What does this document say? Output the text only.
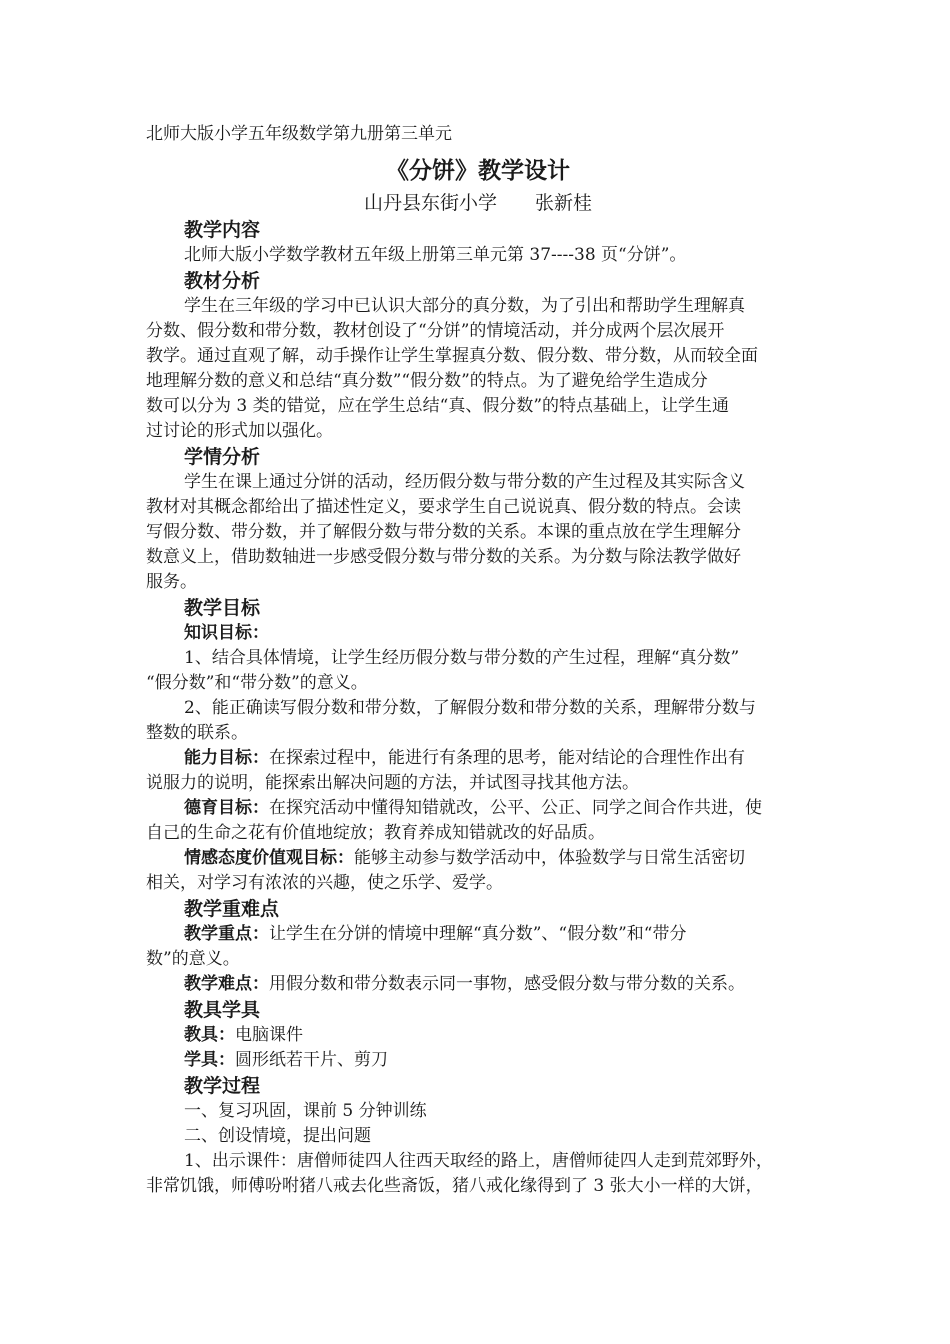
北师大版小学五年级数学第九册第三单元
《分饼》教学设计
山丹县东街小学　　张新桂
教学内容
北师大版小学数学教材五年级上册第三单元第 37----38 页“分饼”。
教材分析
学生在三年级的学习中已认识大部分的真分数，为了引出和帮助学生理解真
分数、假分数和带分数，教材创设了“分饼”的情境活动，并分成两个层次展开
教学。通过直观了解，动手操作让学生掌握真分数、假分数、带分数，从而较全面
地理解分数的意义和总结“真分数”“假分数”的特点。为了避免给学生造成分
数可以分为 3 类的错觉，应在学生总结“真、假分数”的特点基础上，让学生通
过讨论的形式加以强化。
学情分析
学生在课上通过分饼的活动，经历假分数与带分数的产生过程及其实际含义
教材对其概念都给出了描述性定义，要求学生自己说说真、假分数的特点。会读
写假分数、带分数，并了解假分数与带分数的关系。本课的重点放在学生理解分
数意义上，借助数轴进一步感受假分数与带分数的关系。为分数与除法教学做好
服务。
教学目标
知识目标：
1、结合具体情境，让学生经历假分数与带分数的产生过程，理解“真分数”
“假分数”和“带分数”的意义。
2、能正确读写假分数和带分数，了解假分数和带分数的关系，理解带分数与
整数的联系。
能力目标：在探索过程中，能进行有条理的思考，能对结论的合理性作出有
说服力的说明，能探索出解决问题的方法，并试图寻找其他方法。
德育目标：在探究活动中懂得知错就改，公平、公正、同学之间合作共进，使
自己的生命之花有价值地绽放；教育养成知错就改的好品质。
情感态度价值观目标：能够主动参与数学活动中，体验数学与日常生活密切
相关，对学习有浓浓的兴趣，使之乐学、爱学。
教学重难点
教学重点：让学生在分饼的情境中理解“真分数”、“假分数”和“带分
数”的意义。
教学难点：用假分数和带分数表示同一事物，感受假分数与带分数的关系。
教具学具
教具：电脑课件
学具：圆形纸若干片、剪刀
教学过程
一、复习巩固，课前 5 分钟训练
二、创设情境，提出问题
1、出示课件：唐僧师徒四人往西天取经的路上，唐僧师徒四人走到荒郊野外，
非常饥饿，师傅吩咐猪八戒去化些斋饭，猪八戒化缘得到了 3 张大小一样的大饼，
